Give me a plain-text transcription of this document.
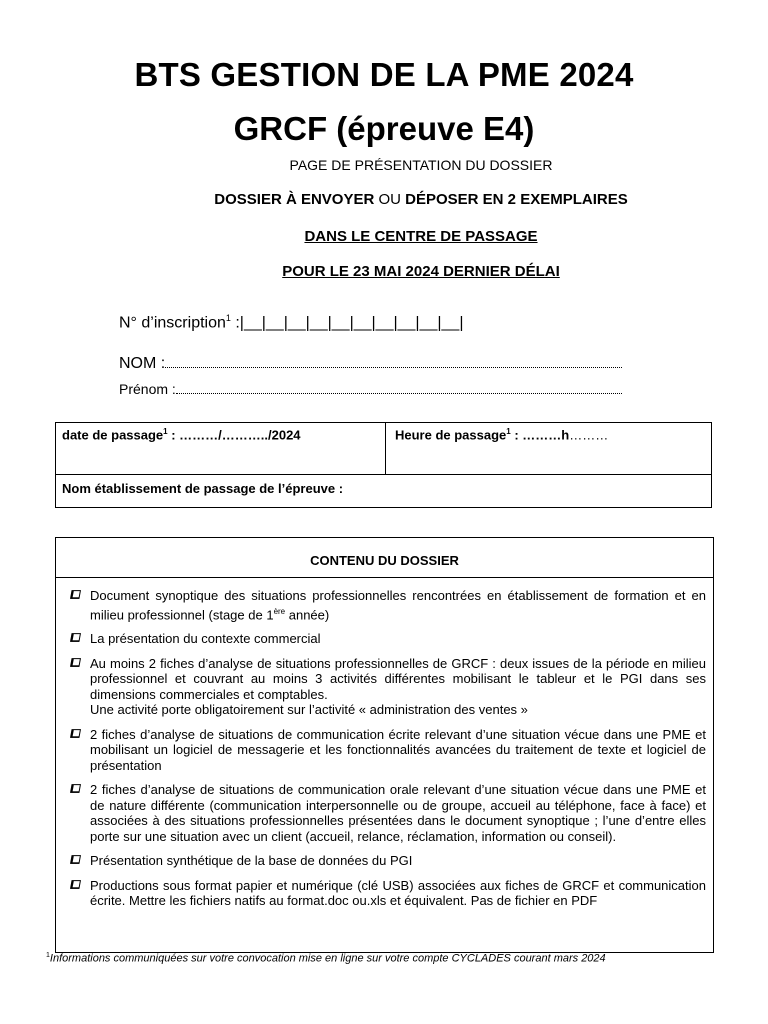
BTS GESTION DE LA PME 2024
GRCF (épreuve E4)
PAGE DE PRÉSENTATION DU DOSSIER
DOSSIER À ENVOYER OU DÉPOSER EN 2 EXEMPLAIRES
DANS LE CENTRE DE PASSAGE
POUR LE 23 MAI 2024 DERNIER DÉLAI
N° d’inscription$^1$ :|__|__|__|__|__|__|__|__|__|__|
NOM :
Prénom :
date de passage$^1$ : ………/………../2024	Heure de passage$^1$ : ………h………
Nom établissement de passage de l’épreuve :
CONTENU DU DOSSIER
Document synoptique des situations professionnelles rencontrées en établissement de formation et en milieu professionnel (stage de 1ère année)
La présentation du contexte commercial
Au moins 2 fiches d’analyse de situations professionnelles de GRCF : deux issues de la période en milieu professionnel et couvrant au moins 3 activités différentes mobilisant le tableur et le PGI dans ses dimensions commerciales et comptables.
Une activité porte obligatoirement sur l’activité « administration des ventes »
2 fiches d’analyse de situations de communication écrite relevant d’une situation vécue dans une PME et mobilisant un logiciel de messagerie et les fonctionnalités avancées du traitement de texte et logiciel de présentation
2 fiches d’analyse de situations de communication orale relevant d’une situation vécue dans une PME et de nature différente (communication interpersonnelle ou de groupe, accueil au téléphone, face à face) et associées à des situations professionnelles présentées dans le document synoptique ; l’une d’entre elles porte sur une situation avec un client (accueil, relance, réclamation, information ou conseil).
Présentation synthétique de la base de données du PGI
Productions sous format papier et numérique (clé USB) associées aux fiches de GRCF et communication écrite. Mettre les fichiers natifs au format.doc ou.xls et équivalent. Pas de fichier en PDF
$^1$Informations communiquées sur votre convocation mise en ligne sur votre compte CYCLADES courant mars 2024
